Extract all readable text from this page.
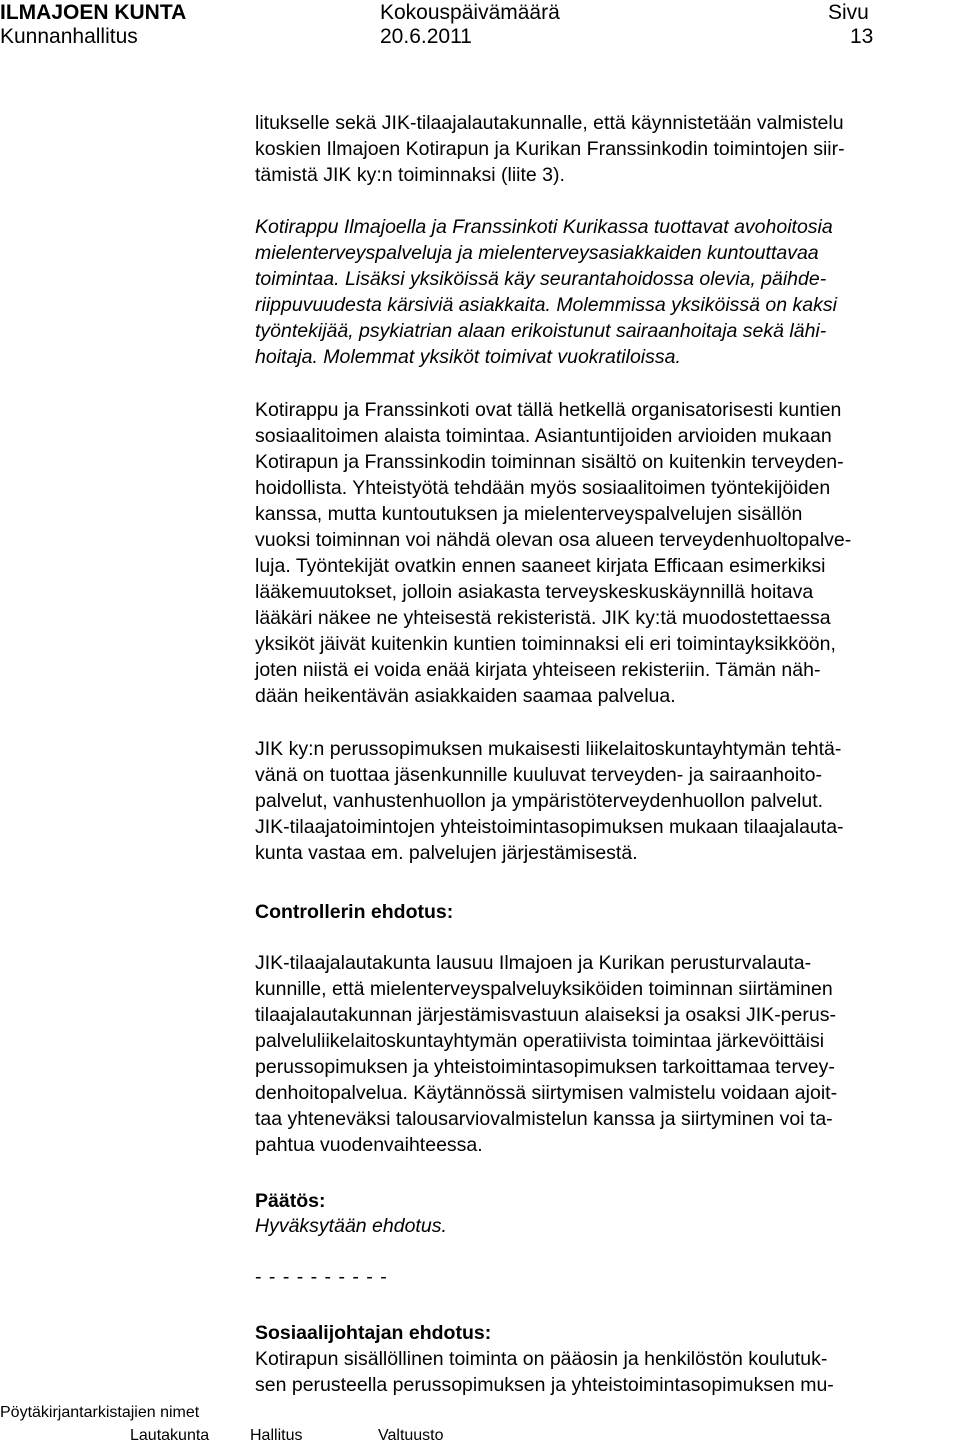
ILMAJOEN KUNTA
Kunnanhallitus
Kokouspäivämäärä
20.6.2011
Sivu
13
litukselle sekä JIK-tilaajalautakunnalle, että käynnistetään valmistelu
koskien Ilmajoen Kotirapun ja Kurikan Franssinkodin toimintojen siir-
tämistä JIK ky:n toiminnaksi (liite 3).
Kotirappu Ilmajoella ja Franssinkoti Kurikassa tuottavat avohoitosia
mielenterveyspalveluja ja mielenterveysasiakkaiden kuntouttavaa
toimintaa. Lisäksi yksiköissä käy seurantahoidossa olevia, päihde-
riippuvuudesta kärsiviä asiakkaita. Molemmissa yksiköissä on kaksi
työntekijää, psykiatrian alaan erikoistunut sairaanhoitaja sekä lähi-
hoitaja. Molemmat yksiköt toimivat vuokratiloissa.
Kotirappu ja Franssinkoti ovat tällä hetkellä organisatorisesti kuntien
sosiaalitoimen alaista toimintaa. Asiantuntijoiden arvioiden mukaan
Kotirapun ja Franssinkodin toiminnan sisältö on kuitenkin terveyden-
hoidollista. Yhteistyötä tehdään myös sosiaalitoimen työntekijöiden
kanssa, mutta kuntoutuksen ja mielenterveyspalvelujen sisällön
vuoksi toiminnan voi nähdä olevan osa alueen terveydenhuoltopalve-
luja. Työntekijät ovatkin ennen saaneet kirjata Efficaan esimerkiksi
lääkemuutokset, jolloin asiakasta terveyskeskuskäynnillä hoitava
lääkäri näkee ne yhteisestä rekisteristä. JIK ky:tä muodostettaessa
yksiköt jäivät kuitenkin kuntien toiminnaksi eli eri toimintayksikköön,
joten niistä ei voida enää kirjata yhteiseen rekisteriin. Tämän näh-
dään heikentävän asiakkaiden saamaa palvelua.
JIK ky:n perussopimuksen mukaisesti liikelaitoskuntayhtymän tehtä-
vänä on tuottaa jäsenkunnille kuuluvat terveyden- ja sairaanhoito-
palvelut, vanhustenhuollon ja ympäristöterveydenhuollon palvelut.
JIK-tilaajatoimintojen yhteistoimintasopimuksen mukaan tilaajalauta-
kunta vastaa em. palvelujen järjestämisestä.
Controllerin ehdotus:
JIK-tilaajalautakunta lausuu Ilmajoen ja Kurikan perusturvalauta-
kunnille, että mielenterveyspalveluyksiköiden toiminnan siirtäminen
tilaajalautakunnan järjestämisvastuun alaiseksi ja osaksi JIK-perus-
palveluliikelaitoskuntayhtymän operatiivista toimintaa järkevöittäisi
perussopimuksen ja yhteistoimintasopimuksen tarkoittamaa tervey-
denhoitopalvelua. Käytännössä siirtymisen valmistelu voidaan ajoit-
taa yhteneväksi talousarviovalmistelun kanssa ja siirtyminen voi ta-
pahtua vuodenvaihteessa.
Päätös:
Hyväksytään ehdotus.
- - - - - - - - - -
Sosiaalijohtajan ehdotus:
Kotirapun sisällöllinen toiminta on pääosin ja henkilöstön koulutuk-
sen perusteella perussopimuksen ja yhteistoimintasopimuksen mu-
Pöytäkirjantarkistajien nimet
Lautakunta	Hallitus	Valtuusto
